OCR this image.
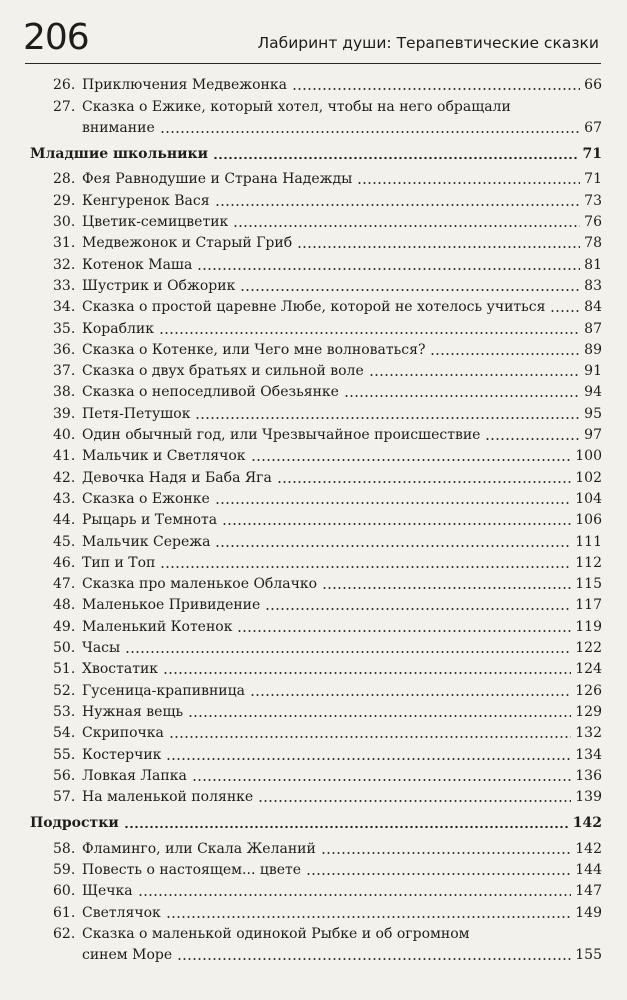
206	Лабиринт души: Терапевтические сказки
26. Приключения Медвежонка	66
27. Сказка о Ежике, который хотел, чтобы на него обращали
внимание	67
Младшие школьники	71
28. Фея Равнодушие и Страна Надежды	71
29. Кенгуренок Вася	73
30. Цветик-семицветик	76
31. Медвежонок и Старый Гриб	78
32. Котенок Маша	81
33. Шустрик и Обжорик	83
34. Сказка о простой царевне Любе, которой не хотелось учиться	84
35. Кораблик	87
36. Сказка о Котенке, или Чего мне волноваться?	89
37. Сказка о двух братьях и сильной воле	91
38. Сказка о непоседливой Обезьянке	94
39. Петя-Петушок	95
40. Один обычный год, или Чрезвычайное происшествие	97
41. Мальчик и Светлячок	100
42. Девочка Надя и Баба Яга	102
43. Сказка о Ежонке	104
44. Рыцарь и Темнота	106
45. Мальчик Сережа	111
46. Тип и Топ	112
47. Сказка про маленькое Облачко	115
48. Маленькое Привидение	117
49. Маленький Котенок	119
50. Часы	122
51. Хвостатик	124
52. Гусеница-крапивница	126
53. Нужная вещь	129
54. Скрипочка	132
55. Костерчик	134
56. Ловкая Лапка	136
57. На маленькой полянке	139
Подростки	142
58. Фламинго, или Скала Желаний	142
59. Повесть о настоящем... цвете	144
60. Щечка	147
61. Светлячок	149
62. Сказка о маленькой одинокой Рыбке и об огромном
синем Море	155
